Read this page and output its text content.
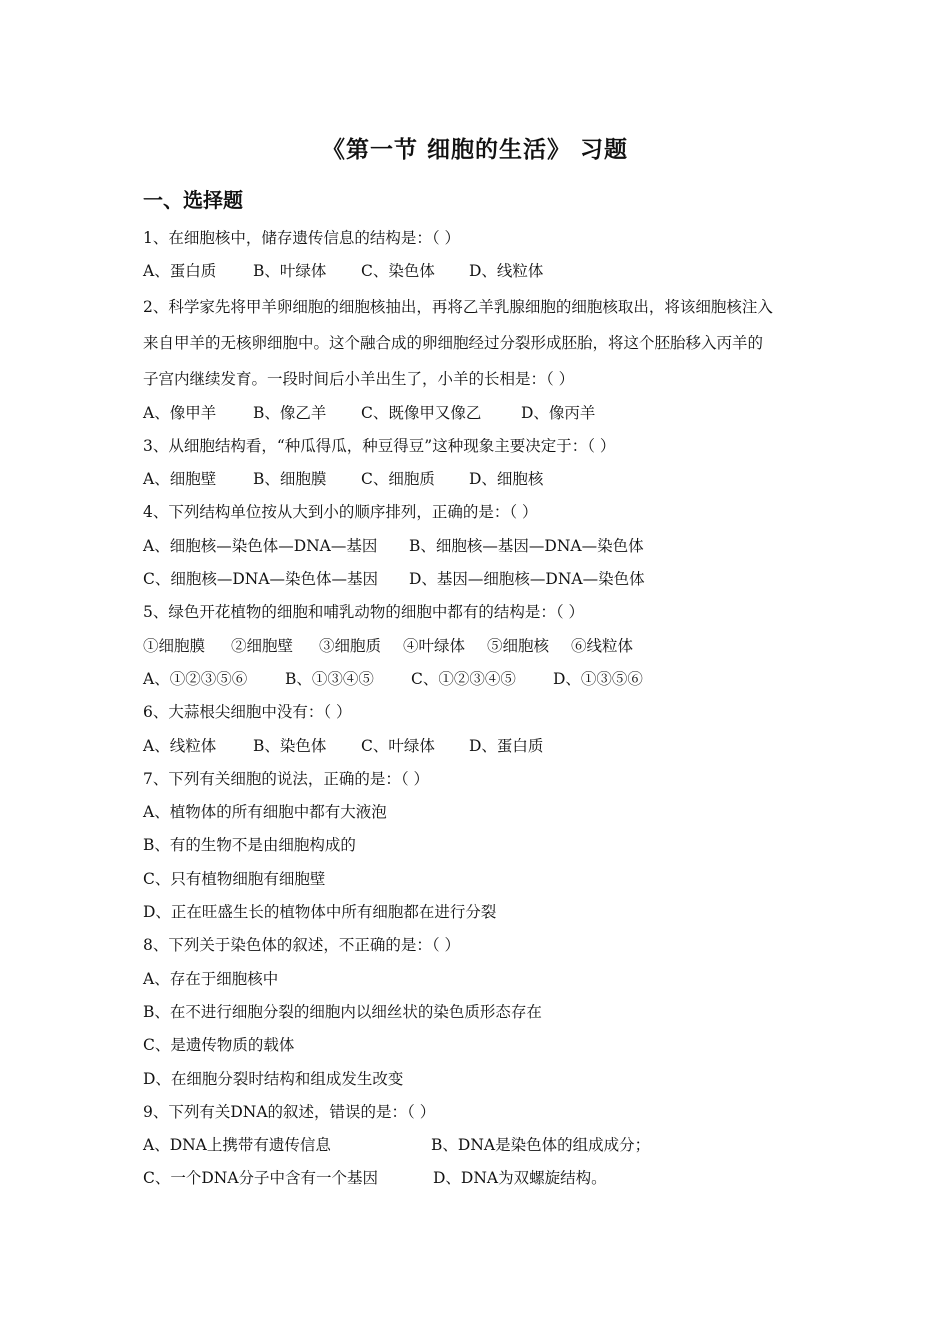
《第一节 细胞的生活》 习题
一、选择题
1、在细胞核中，储存遗传信息的结构是：（ ）
A、蛋白质 B、叶绿体 C、染色体 D、线粒体
2、科学家先将甲羊卵细胞的细胞核抽出，再将乙羊乳腺细胞的细胞核取出，将该细胞核注入
来自甲羊的无核卵细胞中。这个融合成的卵细胞经过分裂形成胚胎，将这个胚胎移入丙羊的
子宫内继续发育。一段时间后小羊出生了，小羊的长相是：（ ）
A、像甲羊 B、像乙羊 C、既像甲又像乙	D、像丙羊
3、从细胞结构看，“种瓜得瓜，种豆得豆”这种现象主要决定于：（ ）
A、细胞壁 B、细胞膜 C、细胞质 D、细胞核
4、下列结构单位按从大到小的顺序排列，正确的是：（ ）
A、细胞核—染色体—DNA—基因 B、细胞核—基因—DNA—染色体
C、细胞核—DNA—染色体—基因 D、基因—细胞核—DNA—染色体
5、绿色开花植物的细胞和哺乳动物的细胞中都有的结构是：（ ）
①细胞膜 ②细胞壁 ③细胞质 ④叶绿体 ⑤细胞核 ⑥线粒体
A、①②③⑤⑥ B、①③④⑤ C、①②③④⑤ D、①③⑤⑥
6、大蒜根尖细胞中没有：（ ）
A、线粒体 B、染色体 C、叶绿体 D、蛋白质
7、下列有关细胞的说法，正确的是：（ ）
A、植物体的所有细胞中都有大液泡
B、有的生物不是由细胞构成的
C、只有植物细胞有细胞壁
D、正在旺盛生长的植物体中所有细胞都在进行分裂
8、下列关于染色体的叙述，不正确的是：（ ）
A、存在于细胞核中
B、在不进行细胞分裂的细胞内以细丝状的染色质形态存在
C、是遗传物质的载体
D、在细胞分裂时结构和组成发生改变
9、下列有关DNA的叙述，错误的是：（ ）
A、DNA上携带有遗传信息	B、DNA是染色体的组成成分；
C、一个DNA分子中含有一个基因	D、DNA为双螺旋结构。
